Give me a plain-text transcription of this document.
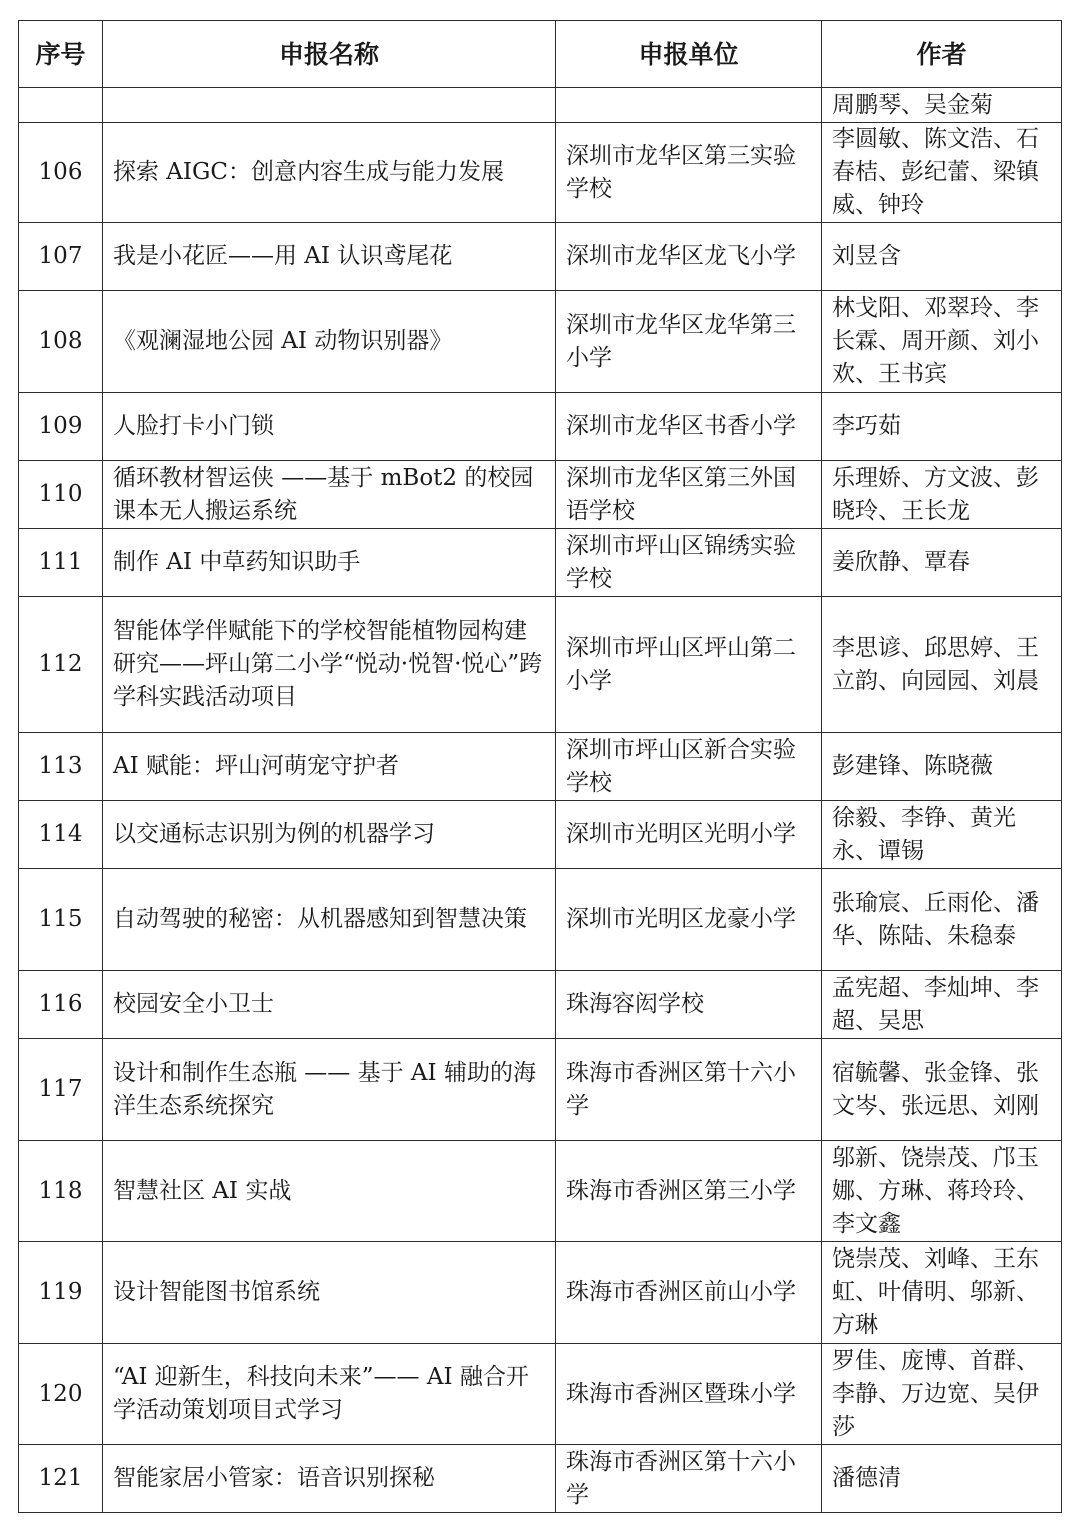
序号	申报名称	申报单位	作者
			周鹏琴、吴金菊
106	探索 AIGC：创意内容生成与能力发展	深圳市龙华区第三实验学校	李圆敏、陈文浩、石春桔、彭纪蕾、梁镇威、钟玲
107	我是小花匠——用 AI 认识鸢尾花	深圳市龙华区龙飞小学	刘昱含
108	《观澜湿地公园 AI 动物识别器》	深圳市龙华区龙华第三小学	林戈阳、邓翠玲、李长霖、周开颜、刘小欢、王书宾
109	人脸打卡小门锁	深圳市龙华区书香小学	李巧茹
110	循环教材智运侠 ——基于 mBot2 的校园课本无人搬运系统	深圳市龙华区第三外国语学校	乐理娇、方文波、彭晓玲、王长龙
111	制作 AI 中草药知识助手	深圳市坪山区锦绣实验学校	姜欣静、覃春
112	智能体学伴赋能下的学校智能植物园构建研究——坪山第二小学“悦动·悦智·悦心”跨学科实践活动项目	深圳市坪山区坪山第二小学	李思谚、邱思婷、王立韵、向园园、刘晨
113	AI 赋能：坪山河萌宠守护者	深圳市坪山区新合实验学校	彭建锋、陈晓薇
114	以交通标志识别为例的机器学习	深圳市光明区光明小学	徐毅、李铮、黄光永、谭锡
115	自动驾驶的秘密：从机器感知到智慧决策	深圳市光明区龙豪小学	张瑜宸、丘雨伦、潘华、陈陆、朱稳泰
116	校园安全小卫士	珠海容闳学校	孟宪超、李灿坤、李超、吴思
117	设计和制作生态瓶 —— 基于 AI 辅助的海洋生态系统探究	珠海市香洲区第十六小学	宿毓馨、张金锋、张文岑、张远思、刘刚
118	智慧社区 AI 实战	珠海市香洲区第三小学	邬新、饶崇茂、邝玉娜、方琳、蒋玲玲、李文鑫
119	设计智能图书馆系统	珠海市香洲区前山小学	饶崇茂、刘峰、王东虹、叶倩明、邬新、方琳
120	“AI 迎新生，科技向未来”—— AI 融合开学活动策划项目式学习	珠海市香洲区暨珠小学	罗佳、庞博、首群、李静、万边宽、吴伊莎
121	智能家居小管家：语音识别探秘	珠海市香洲区第十六小学	潘德清
